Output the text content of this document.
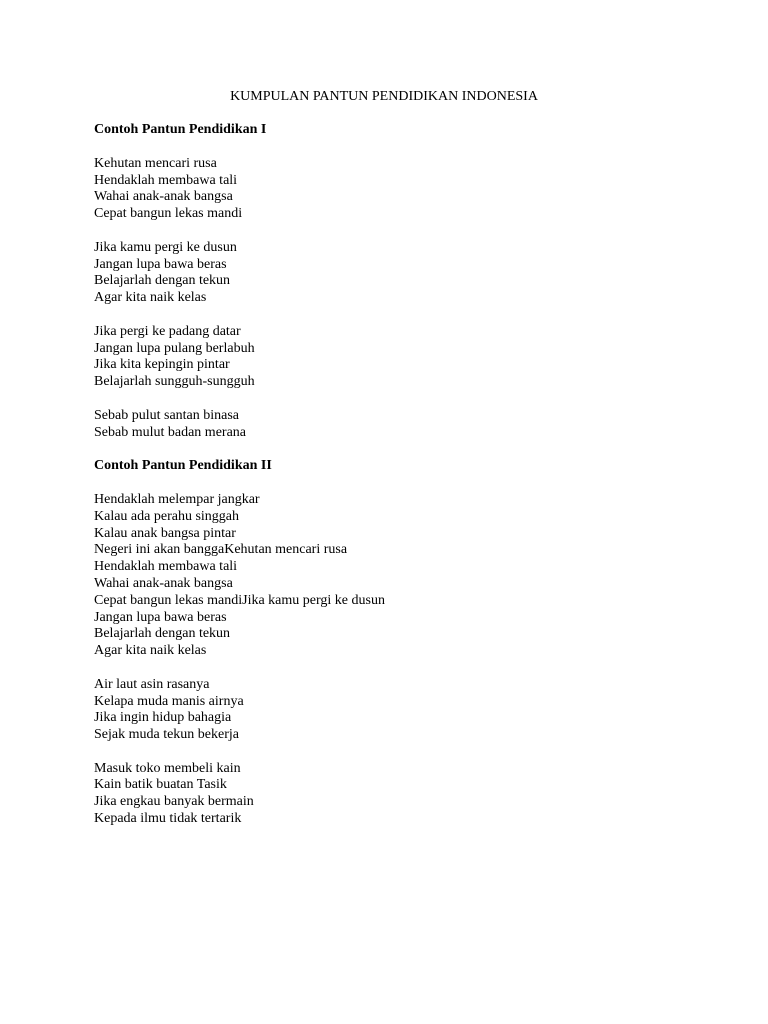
KUMPULAN PANTUN PENDIDIKAN INDONESIA
Contoh Pantun Pendidikan I
Kehutan mencari rusa
Hendaklah membawa tali
Wahai anak-anak bangsa
Cepat bangun lekas mandi
Jika kamu pergi ke dusun
Jangan lupa bawa beras
Belajarlah dengan tekun
Agar kita naik kelas
Jika pergi ke padang datar
Jangan lupa pulang berlabuh
Jika kita kepingin pintar
Belajarlah sungguh-sungguh
Sebab pulut santan binasa
Sebab mulut badan merana
Contoh Pantun Pendidikan II
Hendaklah melempar jangkar
Kalau ada perahu singgah
Kalau anak bangsa pintar
Negeri ini akan banggaKehutan mencari rusa
Hendaklah membawa tali
Wahai anak-anak bangsa
Cepat bangun lekas mandiJika kamu pergi ke dusun
Jangan lupa bawa beras
Belajarlah dengan tekun
Agar kita naik kelas
Air laut asin rasanya
Kelapa muda manis airnya
Jika ingin hidup bahagia
Sejak muda tekun bekerja
Masuk toko membeli kain
Kain batik buatan Tasik
Jika engkau banyak bermain
Kepada ilmu tidak tertarik
